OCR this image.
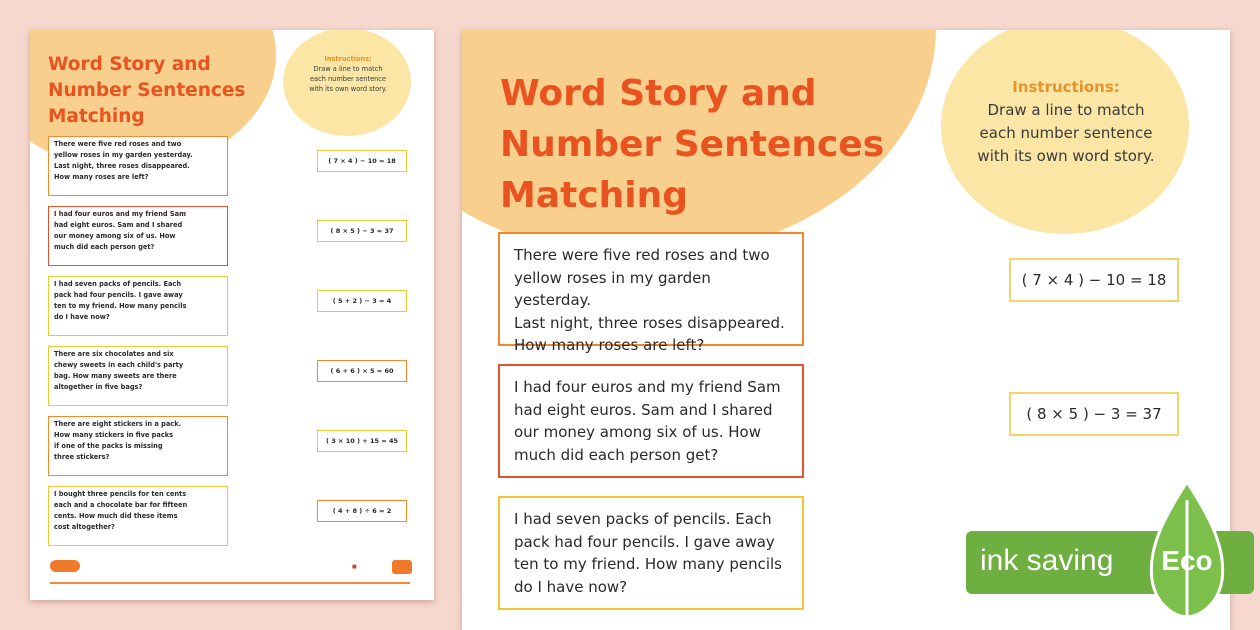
Word Story and
Number Sentences
Matching
Instructions:
Draw a line to match
each number sentence
with its own word story.
There were five red roses and two
yellow roses in my garden yesterday.
Last night, three roses disappeared.
How many roses are left?
I had four euros and my friend Sam
had eight euros. Sam and I shared
our money among six of us. How
much did each person get?
I had seven packs of pencils. Each
pack had four pencils. I gave away
ten to my friend. How many pencils
do I have now?
There are six chocolates and six
chewy sweets in each child's party
bag. How many sweets are there
altogether in five bags?
There are eight stickers in a pack.
How many stickers in five packs
if one of the packs is missing
three stickers?
I bought three pencils for ten cents
each and a chocolate bar for fifteen
cents. How much did these items
cost altogether?
( 7 × 4 ) − 10 = 18
( 8 × 5 ) − 3 = 37
( 5 + 2 ) − 3 = 4
( 6 + 6 ) × 5 = 60
( 3 × 10 ) + 15 = 45
( 4 + 8 ) ÷ 6 = 2
■
Word Story and
Number Sentences
Matching
Instructions:
Draw a line to match
each number sentence
with its own word story.
There were five red roses and two
yellow roses in my garden yesterday.
Last night, three roses disappeared.
How many roses are left?
I had four euros and my friend Sam
had eight euros. Sam and I shared
our money among six of us. How
much did each person get?
I had seven packs of pencils. Each
pack had four pencils. I gave away
ten to my friend. How many pencils
do I have now?
( 7 × 4 ) − 10 = 18
( 8 × 5 ) − 3 = 37
ink saving Eco
